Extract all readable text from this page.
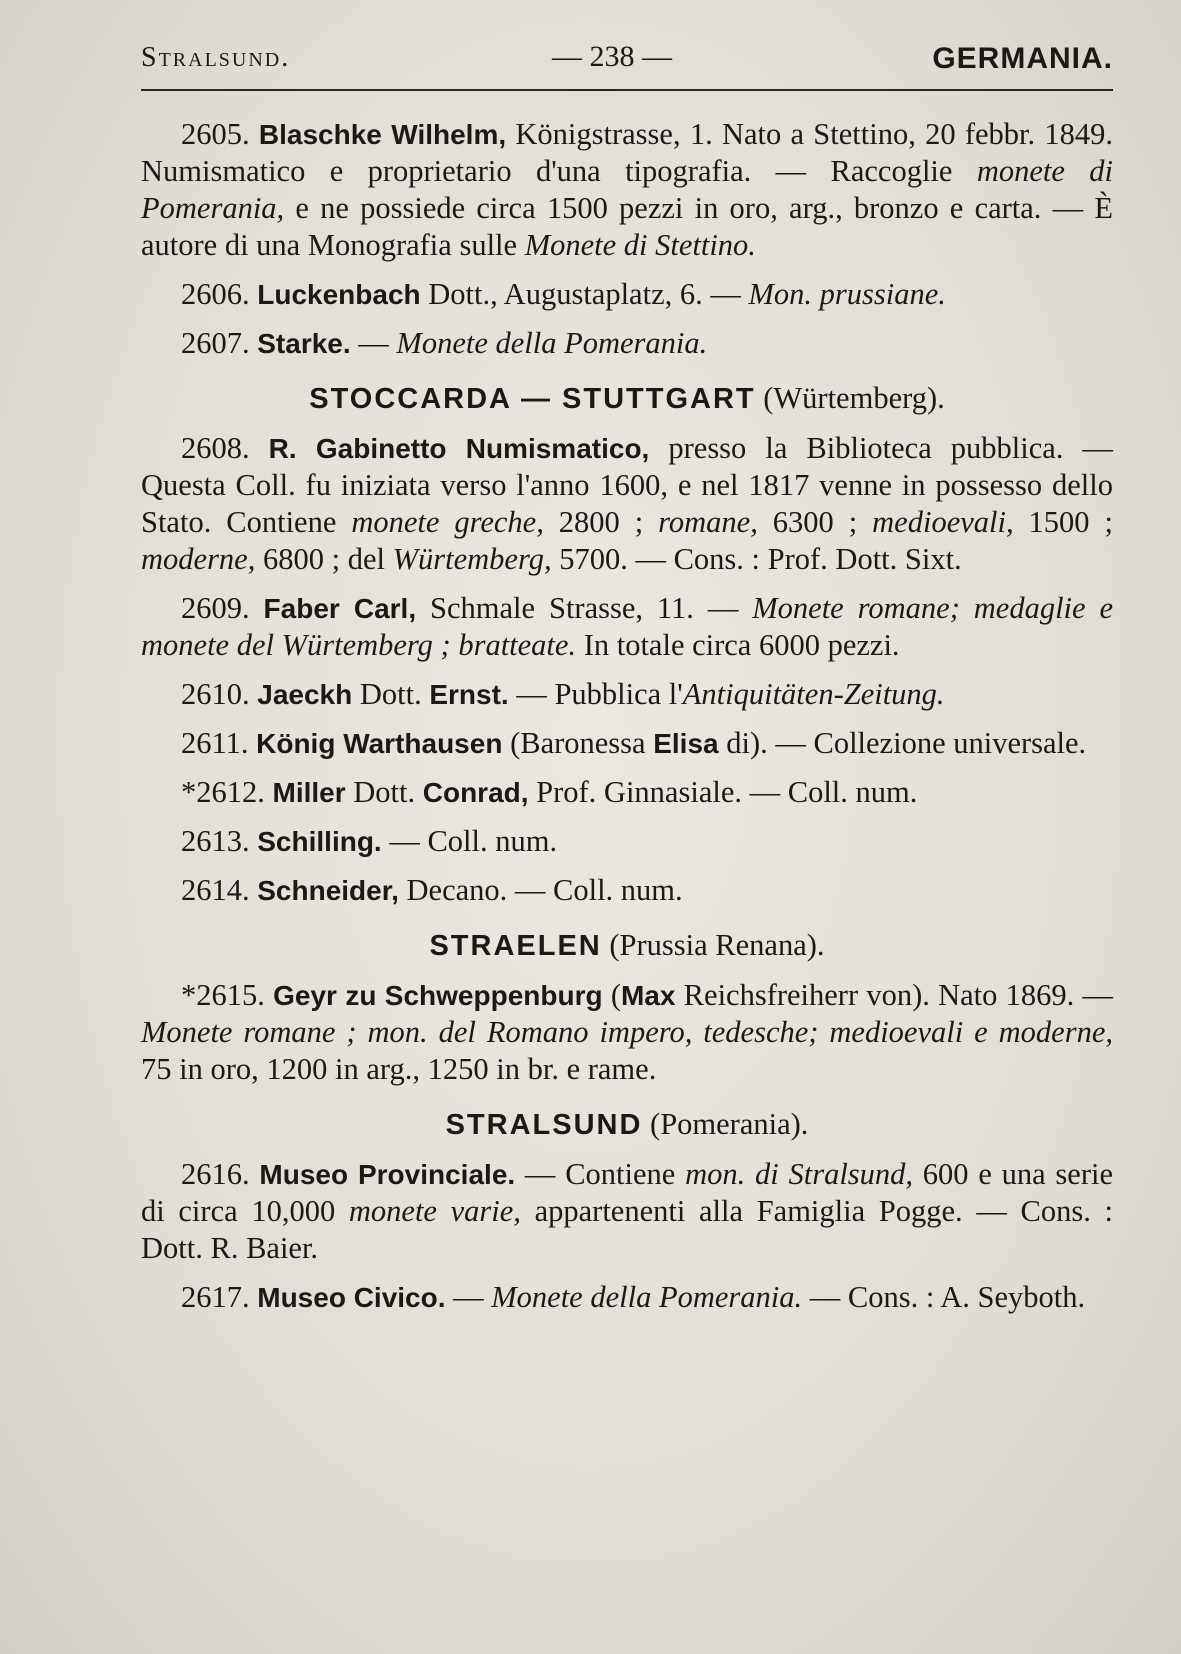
Stralsund.	— 238 —	GERMANIA.

2605. Blaschke Wilhelm, Königstrasse, 1. Nato a Stettino, 20 febbr. 1849. Numismatico e proprietario d'una tipografia. — Raccoglie monete di Pomerania, e ne possiede circa 1500 pezzi in oro, arg., bronzo e carta. — È autore di una Monografia sulle Monete di Stettino.

2606. Luckenbach Dott., Augustaplatz, 6. — Mon. prussiane.

2607. Starke. — Monete della Pomerania.

STOCCARDA — STUTTGART (Würtemberg).

2608. R. Gabinetto Numismatico, presso la Biblioteca pubblica. — Questa Coll. fu iniziata verso l'anno 1600, e nel 1817 venne in possesso dello Stato. Contiene monete greche, 2800 ; romane, 6300 ; medioevali, 1500 ; moderne, 6800 ; del Würtemberg, 5700. — Cons. : Prof. Dott. Sixt.

2609. Faber Carl, Schmale Strasse, 11. — Monete romane; medaglie e monete del Würtemberg ; bratteate. In totale circa 6000 pezzi.

2610. Jaeckh Dott. Ernst. — Pubblica l'Antiquitäten-Zeitung.

2611. König Warthausen (Baronessa Elisa di). — Collezione universale.

*2612. Miller Dott. Conrad, Prof. Ginnasiale. — Coll. num.

2613. Schilling. — Coll. num.

2614. Schneider, Decano. — Coll. num.

STRAELEN (Prussia Renana).

*2615. Geyr zu Schweppenburg (Max Reichsfreiherr von). Nato 1869. — Monete romane ; mon. del Romano impero, tedesche; medioevali e moderne, 75 in oro, 1200 in arg., 1250 in br. e rame.

STRALSUND (Pomerania).

2616. Museo Provinciale. — Contiene mon. di Stralsund, 600 e una serie di circa 10,000 monete varie, appartenenti alla Famiglia Pogge. — Cons. : Dott. R. Baier.

2617. Museo Civico. — Monete della Pomerania. — Cons. : A. Seyboth.
